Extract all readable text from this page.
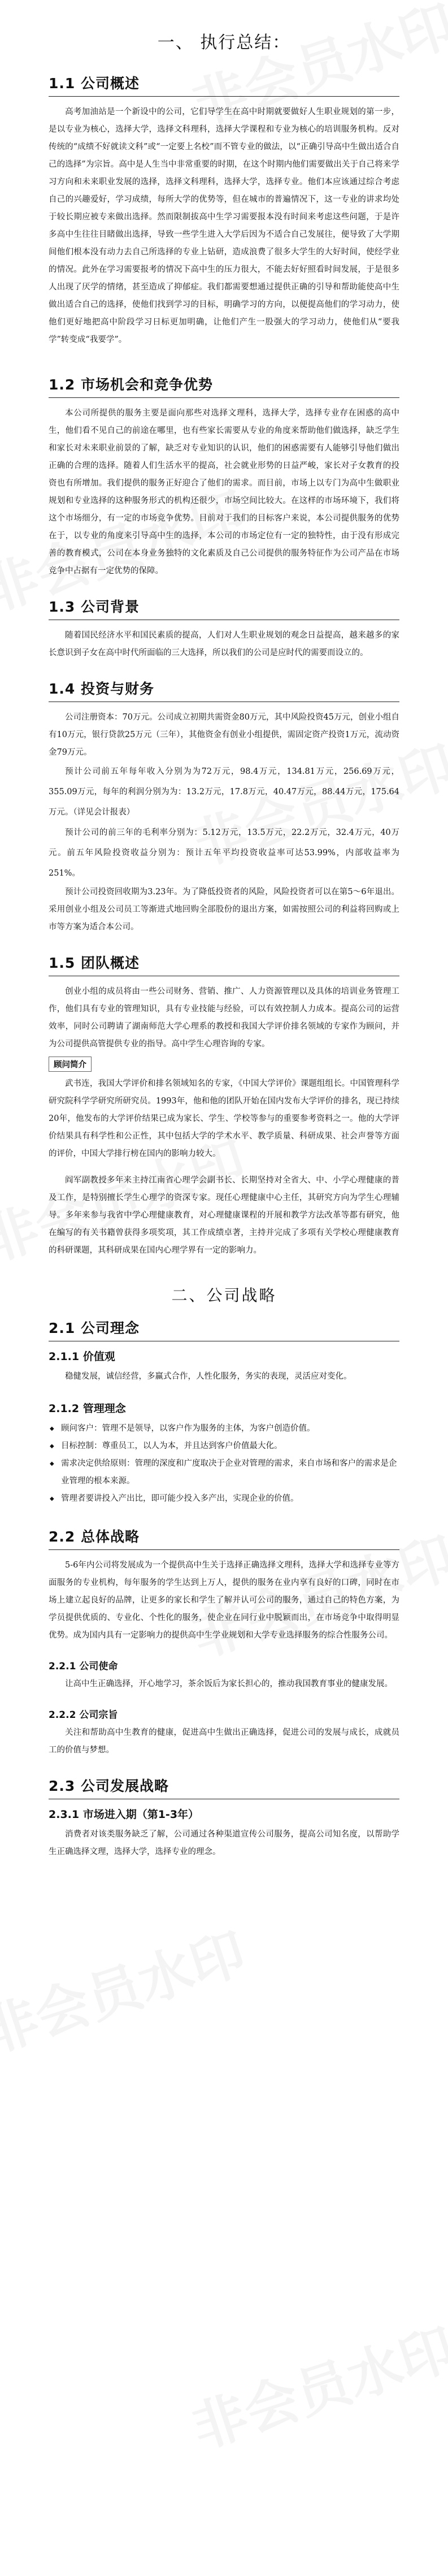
一、 执行总结：
1.1 公司概述

高考加油站是一个新设中的公司，它们导学生在高中时期就要做好人生职业规划的第一步，是以专业为核心，选择大学，选择文科理科，选择大学课程和专业为核心的培训服务机构。反对传统的“成绩不好就读文科”或“一定要上名校”而不管专业的做法，以“正确引导高中生做出适合自己的选择”为宗旨。高中是人生当中非常重要的时期，在这个时期内他们需要做出关于自己将来学习方向和未来职业发展的选择，选择文科理科，选择大学，选择专业。他们本应该通过综合考虑自己的兴趣爱好，学习成绩，每所大学的优势等，但在城市的普遍情况下，这一专业的讲求均处于较长期应被专来做出选择。然而限制拔高中生学习需要报本没有时间来考虑这些问题，于是许多高中生往往目睹做出选择，导致一些学生进入大学后因为不适合自己发展往，便导致了大学期间他们根本没有动力去自己所选择的专业上钻研，造成浪费了很多大学生的大好时间，使经学业的情况。此外在学习需要报考的情况下高中生的压力很大，不能去好好照看时间发展，于是很多人出现了厌学的情绪，甚至造成了抑郁症。我们都需要想通过提供正确的引导和帮助能使高中生做出适合自己的选择，使他们找到学习的目标，明确学习的方向，以便提高他们的学习动力，使他们更好地把高中阶段学习日标更加明确，让他们产生一股强大的学习动力，使他们从“要我学”转变成“我要学”。

1.2 市场机会和竞争优势

本公司所提供的服务主要是面向那些对选择文理科，选择大学，选择专业存在困惑的高中生，他们看不见自己的前途在哪里，也有些家长需要从专业的角度来帮助他们做选择，缺乏学生和家长对未来职业前景的了解，缺乏对专业知识的认识，他们的困惑需要有人能够引导他们做出正确的合理的选择。随着人们生活水平的提高，社会就业形势的日益严峻，家长对子女教育的投资也有所增加。我们提供的服务正好迎合了他们的需求。而目前，市场上以专门为高中生做职业规划和专业选择的这种服务形式的机构还很少，市场空间比较大。在这样的市场环境下，我们将这个市场细分，有一定的市场竞争优势。目前对于我们的目标客户来说，本公司提供服务的优势在于，以专业的角度来引导高中生的选择，本公司的市场定位有一定的独特性，由于没有形成完善的教育模式，公司在本身业务独特的文化素质及自己公司提供的服务特征作为公司产品在市场竞争中占据有一定优势的保障。

1.3 公司背景

随着国民经济水平和国民素质的提高，人们对人生职业规划的观念日益提高，越来越多的家长意识到子女在高中时代所面临的三大选择，所以我们的公司是应时代的需要而设立的。

1.4 投资与财务

公司注册资本：70万元。公司成立初期共需资金80万元，其中风险投资45万元，创业小组自有10万元，银行贷款25万元（三年），其他资金有创业小组提供，需固定资产投资1万元，流动资金79万元。

预计公司前五年每年收入分别为为72万元，98.4万元，134.81万元，256.69万元，355.09万元，每年的利润分别为为：13.2万元，17.8万元，40.47万元，88.44万元，175.64万元。（详见会计报表）

预计公司的前三年的毛利率分别为：5.12万元，13.5万元，22.2万元，32.4万元，40万元。前五年风险投资收益分别为：预计五年平均投资收益率可达53.99%，内部收益率为 251%。

预计公司投资回收期为3.23年。为了降低投资者的风险，风险投资者可以在第5～6年退出。采用创业小组及公司员工等渐进式地回购全部股份的退出方案，如需按照公司的利益将回购或上市等方案为适合本公司。

1.5 团队概述

创业小组的成员将由一些公司财务、营销、推广、人力资源管理以及具体的培训业务管理工作，他们具有专业的管理知识，具有专业技能与经验，可以有效控制人力成本。提高公司的运营效率，同时公司聘请了湖南师范大学心理系的教授和我国大学评价排名领域的专家作为顾问，并为公司提供高管提供专业的指导。高中学生心理咨询的专家。

顾问简介

武书连，我国大学评价和排名领域知名的专家，《中国大学评价》课题组组长。中国管理科学研究院科学学研究所研究员。1993年，他和他的团队开始在国内发布大学评价的排名，现已持续20年，他发布的大学评价结果已成为家长、学生、学校等参与的重要参考资料之一。他的大学评价结果具有科学性和公正性，其中包括大学的学术水平、教学质量、科研成果、社会声誉等方面的评价，中国大学排行榜在国内的影响力较大。

阎军副教授多年来主持江南省心理学会副书长、长期坚持对全省大、中、小学心理健康的普及工作，是特别擅长学生心理学的资深专家。现任心理健康中心主任，其研究方向为学生心理辅导。多年来参与我省中学心理健康教育，对心理健康课程的开展和教学方法改革等都有研究，他在编写的有关书籍曾获得多项奖项，其工作成绩卓著，主持并完成了多项有关学校心理健康教育的科研课题，其科研成果在国内心理学界有一定的影响力。

二、公司战略
2.1 公司理念
2.1.1 价值观

稳健发展，诚信经营，多赢式合作，人性化服务，务实的表现，灵活应对变化。

2.1.2 管理理念
◆ 顾问客户：管理不是领导，以客户作为服务的主体，为客户创造价值。
◆ 目标控制：尊重员工，以人为本，并且达到客户价值最大化。
◆ 需求决定供给原则：管理的深度和广度取决于企业对管理的需求，来自市场和客户的需求是企业管理的根本来源。
◆ 管理者要讲投入产出比，即可能少投入多产出，实现企业的价值。
2.2 总体战略

5-6年内公司将发展成为一个提供高中生关于选择正确选择文理科，选择大学和选择专业等方面服务的专业机构，每年服务的学生达到上万人，提供的服务在业内享有良好的口碑，同时在市场上建立起良好的品牌，让更多的家长和学生了解并认可公司的服务，通过自己的特色方案，为学员提供优质的、专业化、个性化的服务，使企业在同行业中脱颖而出，在市场竞争中取得明显优势。成为国内具有一定影响力的提供高中生学业规划和大学专业选择服务的综合性服务公司。

2.2.1 公司使命

让高中生正确选择，开心地学习，茶余饭后为家长担心的，推动我国教育事业的健康发展。

2.2.2 公司宗旨

关注和帮助高中生教育的健康，促进高中生做出正确选择，促进公司的发展与成长，成就员工的价值与梦想。

2.3 公司发展战略
2.3.1 市场进入期（第1-3年）

消费者对该类服务缺乏了解，公司通过各种渠道宣传公司服务，提高公司知名度，以帮助学生正确选择文理，选择大学，选择专业的理念。
